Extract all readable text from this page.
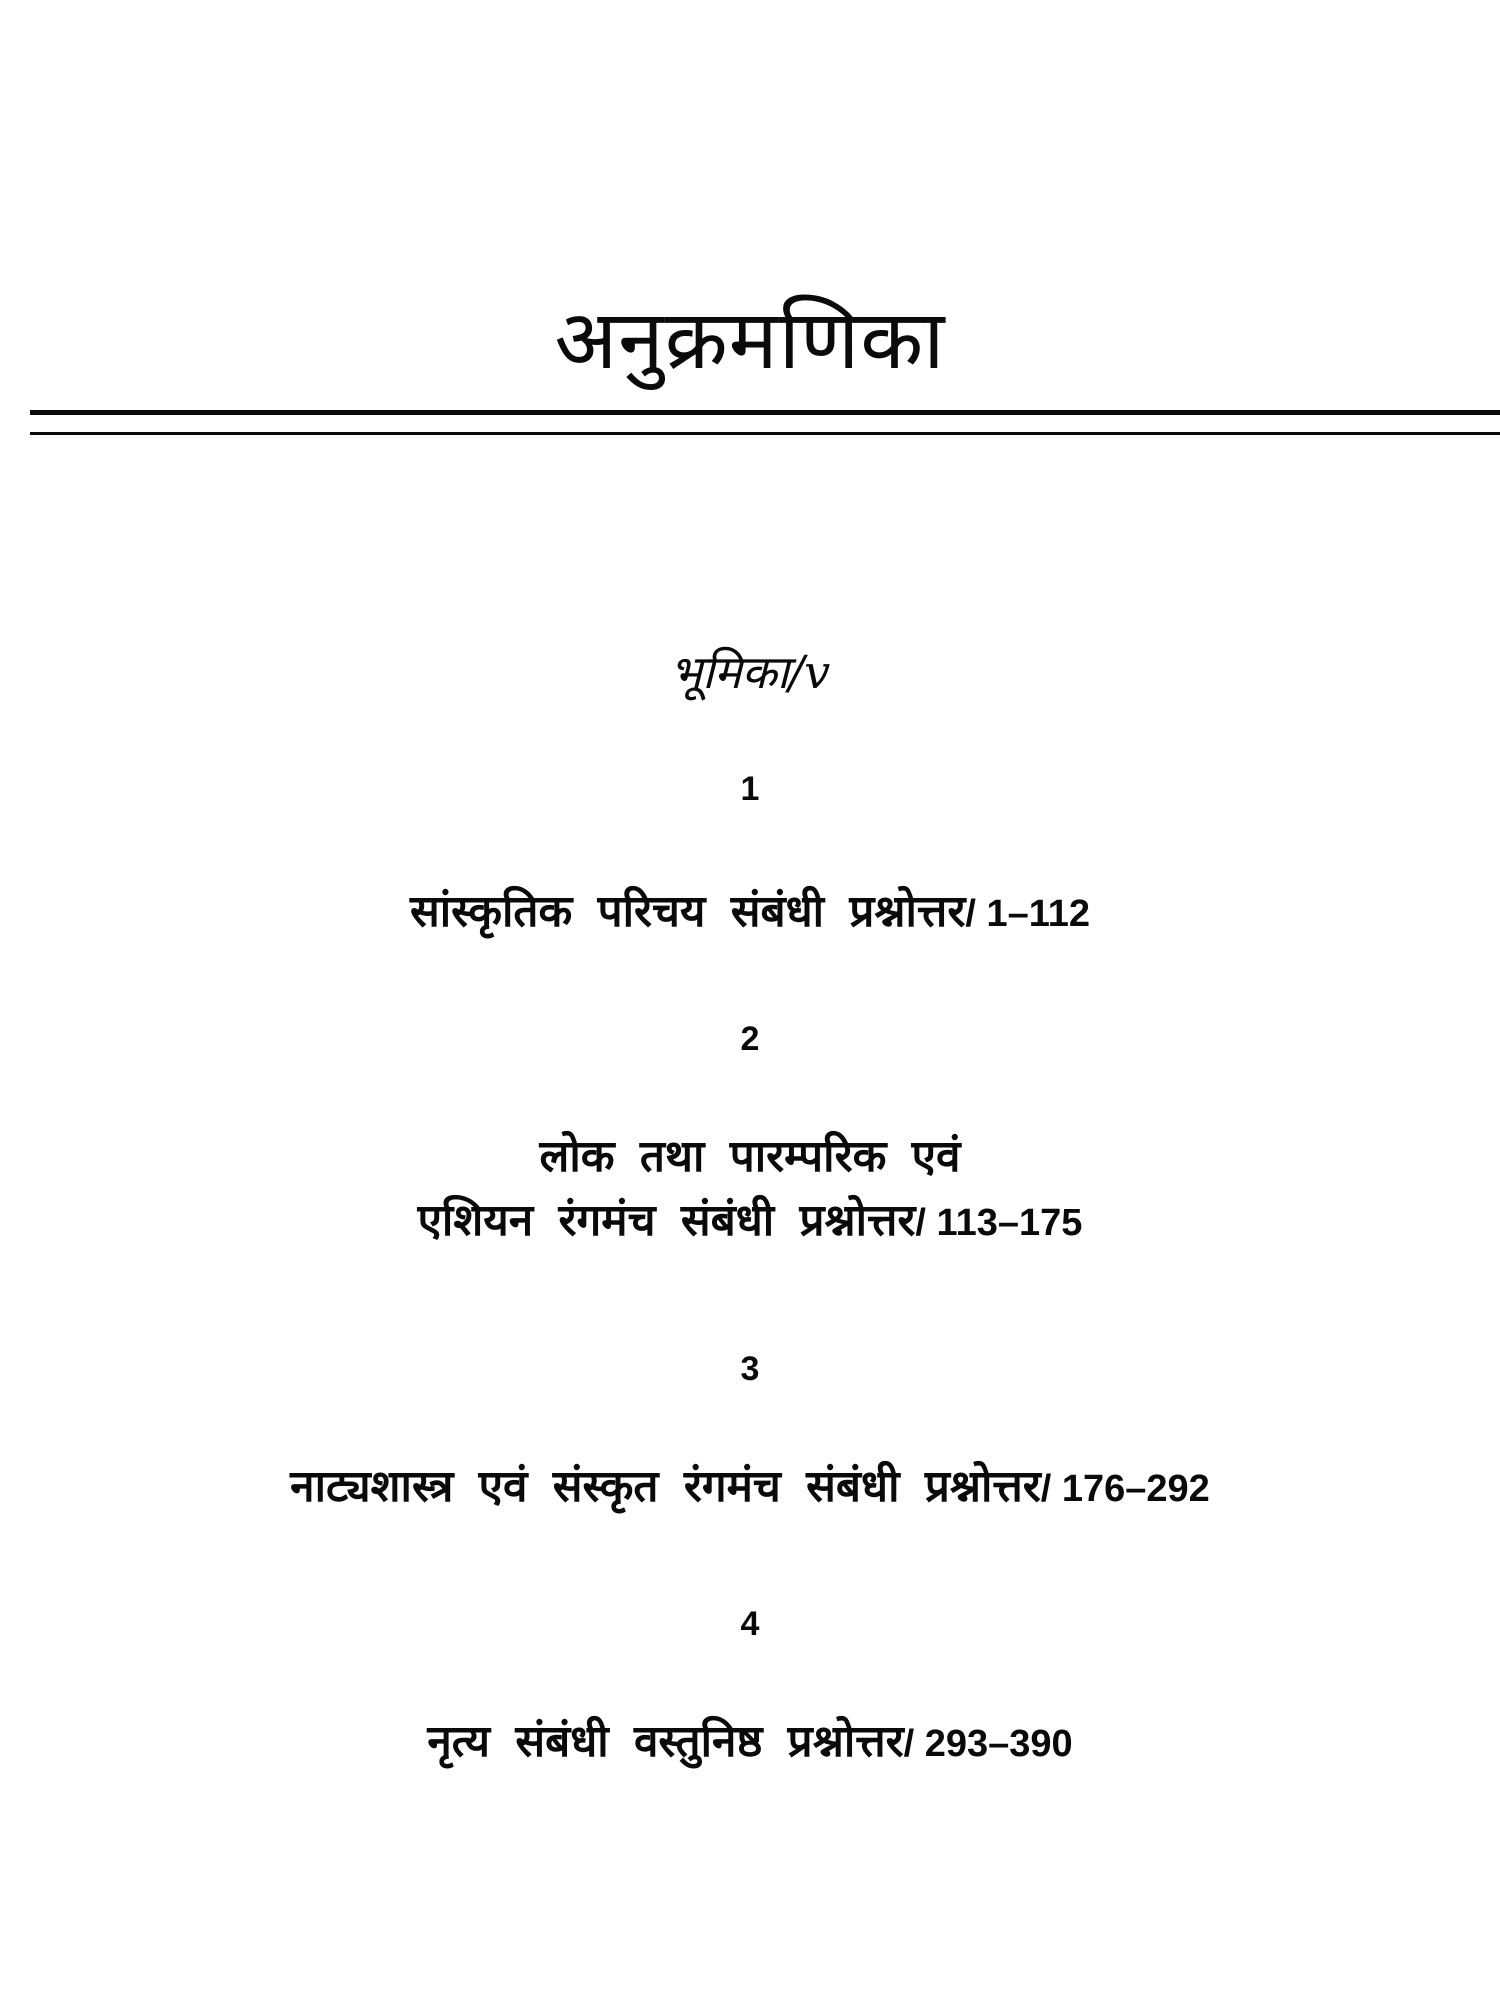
अनुक्रमणिका
भूमिका/v
1
सांस्कृतिक परिचय संबंधी प्रश्नोत्तर/ 1–112
2
लोक तथा पारम्परिक एवं
एशियन रंगमंच संबंधी प्रश्नोत्तर/ 113–175
3
नाट्यशास्त्र एवं संस्कृत रंगमंच संबंधी प्रश्नोत्तर/ 176–292
4
नृत्य संबंधी वस्तुनिष्ठ प्रश्नोत्तर/ 293–390
